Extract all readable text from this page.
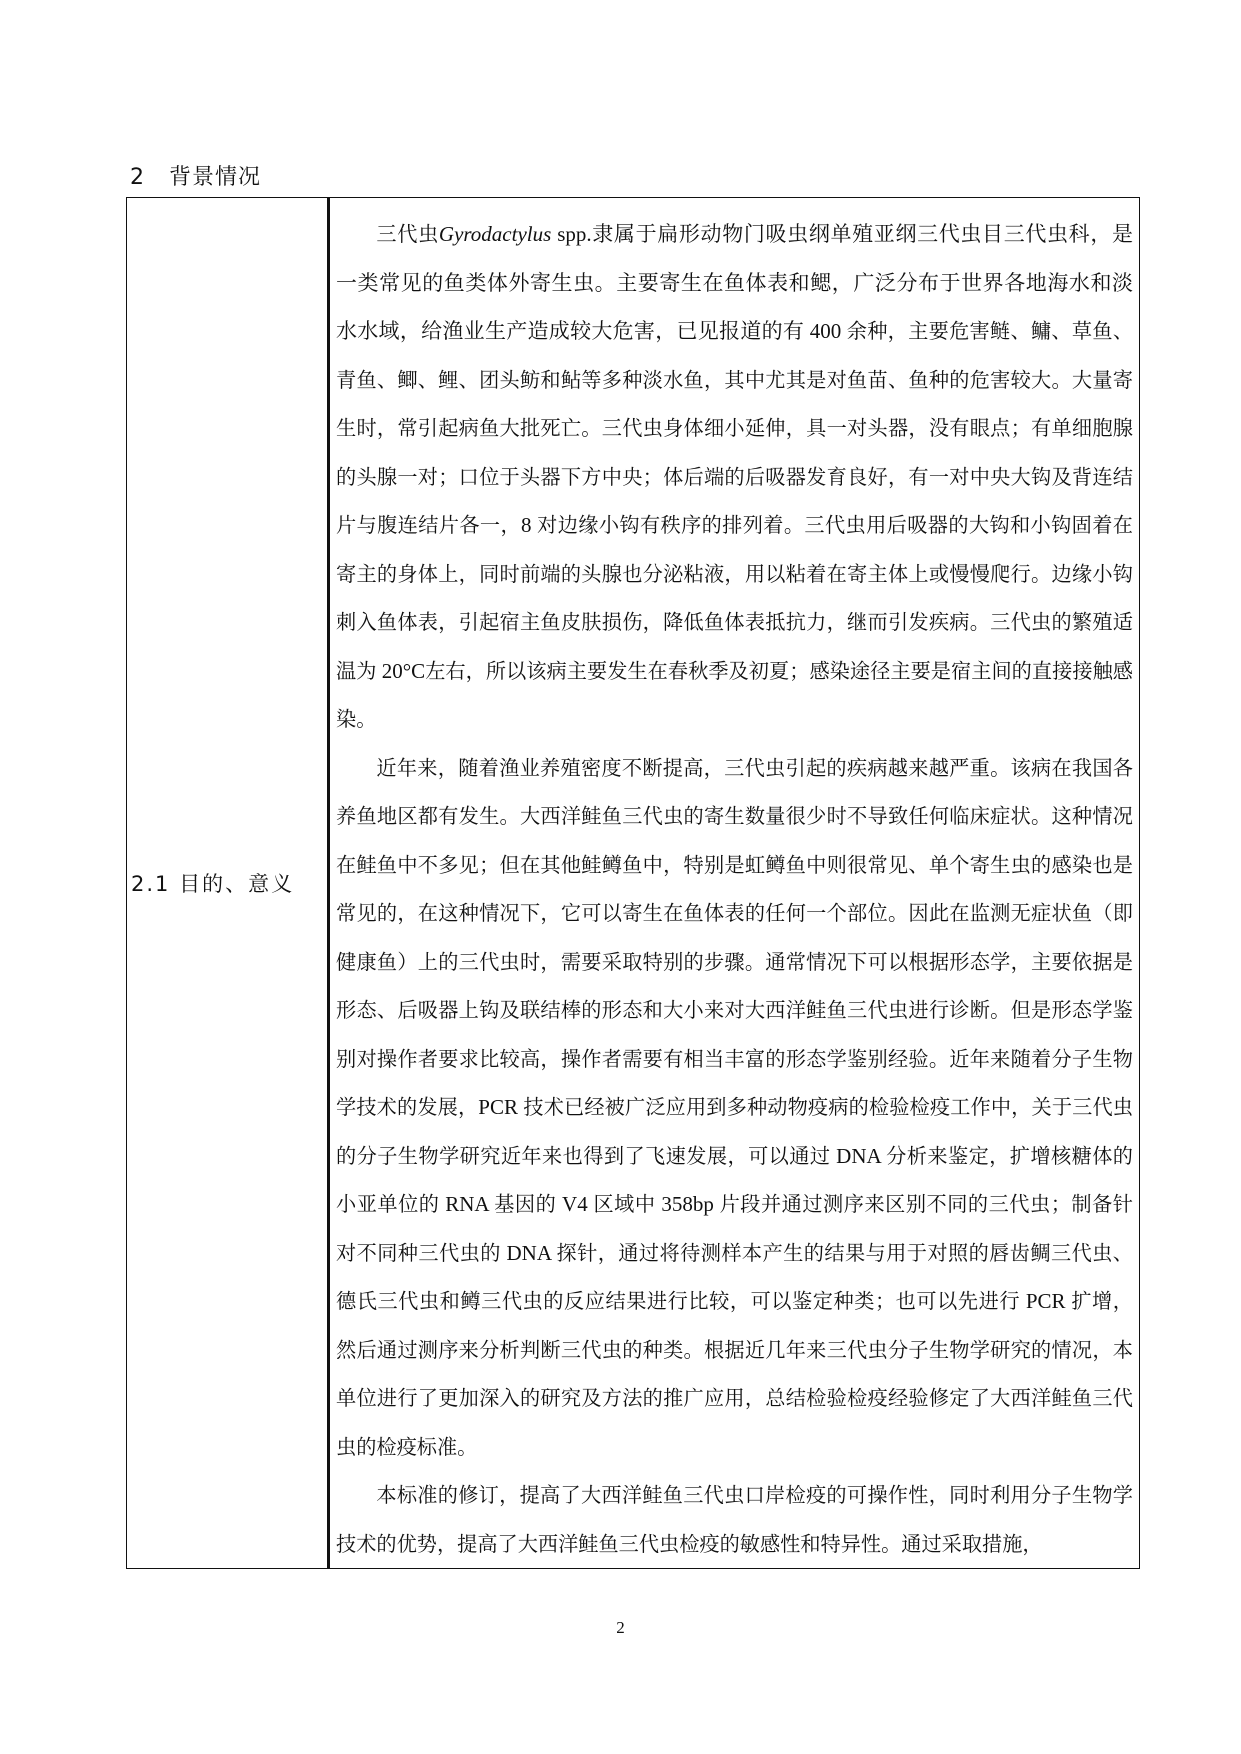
2 背景情况
2.1 目的、意义

三代虫Gyrodactylus spp.隶属于扁形动物门吸虫纲单殖亚纲三代虫目三代虫科，是一类常见的鱼类体外寄生虫。主要寄生在鱼体表和鳃，广泛分布于世界各地海水和淡水水域，给渔业生产造成较大危害，已见报道的有 400 余种，主要危害鲢、鳙、草鱼、青鱼、鲫、鲤、团头鲂和鲇等多种淡水鱼，其中尤其是对鱼苗、鱼种的危害较大。大量寄生时，常引起病鱼大批死亡。三代虫身体细小延伸，具一对头器，没有眼点；有单细胞腺的头腺一对；口位于头器下方中央；体后端的后吸器发育良好，有一对中央大钩及背连结片与腹连结片各一，8 对边缘小钩有秩序的排列着。三代虫用后吸器的大钩和小钩固着在寄主的身体上，同时前端的头腺也分泌粘液，用以粘着在寄主体上或慢慢爬行。边缘小钩刺入鱼体表，引起宿主鱼皮肤损伤，降低鱼体表抵抗力，继而引发疾病。三代虫的繁殖适温为 20°C左右，所以该病主要发生在春秋季及初夏；感染途径主要是宿主间的直接接触感染。

近年来，随着渔业养殖密度不断提高，三代虫引起的疾病越来越严重。该病在我国各养鱼地区都有发生。大西洋鲑鱼三代虫的寄生数量很少时不导致任何临床症状。这种情况在鲑鱼中不多见；但在其他鲑鳟鱼中，特别是虹鳟鱼中则很常见、单个寄生虫的感染也是常见的，在这种情况下，它可以寄生在鱼体表的任何一个部位。因此在监测无症状鱼（即健康鱼）上的三代虫时，需要采取特别的步骤。通常情况下可以根据形态学，主要依据是形态、后吸器上钩及联结棒的形态和大小来对大西洋鲑鱼三代虫进行诊断。但是形态学鉴别对操作者要求比较高，操作者需要有相当丰富的形态学鉴别经验。近年来随着分子生物学技术的发展，PCR 技术已经被广泛应用到多种动物疫病的检验检疫工作中，关于三代虫的分子生物学研究近年来也得到了飞速发展，可以通过 DNA 分析来鉴定，扩增核糖体的小亚单位的 RNA 基因的 V4 区域中 358bp 片段并通过测序来区别不同的三代虫；制备针对不同种三代虫的 DNA 探针，通过将待测样本产生的结果与用于对照的唇齿鲷三代虫、德氏三代虫和鳟三代虫的反应结果进行比较，可以鉴定种类；也可以先进行 PCR 扩增，然后通过测序来分析判断三代虫的种类。根据近几年来三代虫分子生物学研究的情况，本单位进行了更加深入的研究及方法的推广应用，总结检验检疫经验修定了大西洋鲑鱼三代虫的检疫标准。

本标准的修订，提高了大西洋鲑鱼三代虫口岸检疫的可操作性，同时利用分子生物学技术的优势，提高了大西洋鲑鱼三代虫检疫的敏感性和特异性。通过采取措施，

2
